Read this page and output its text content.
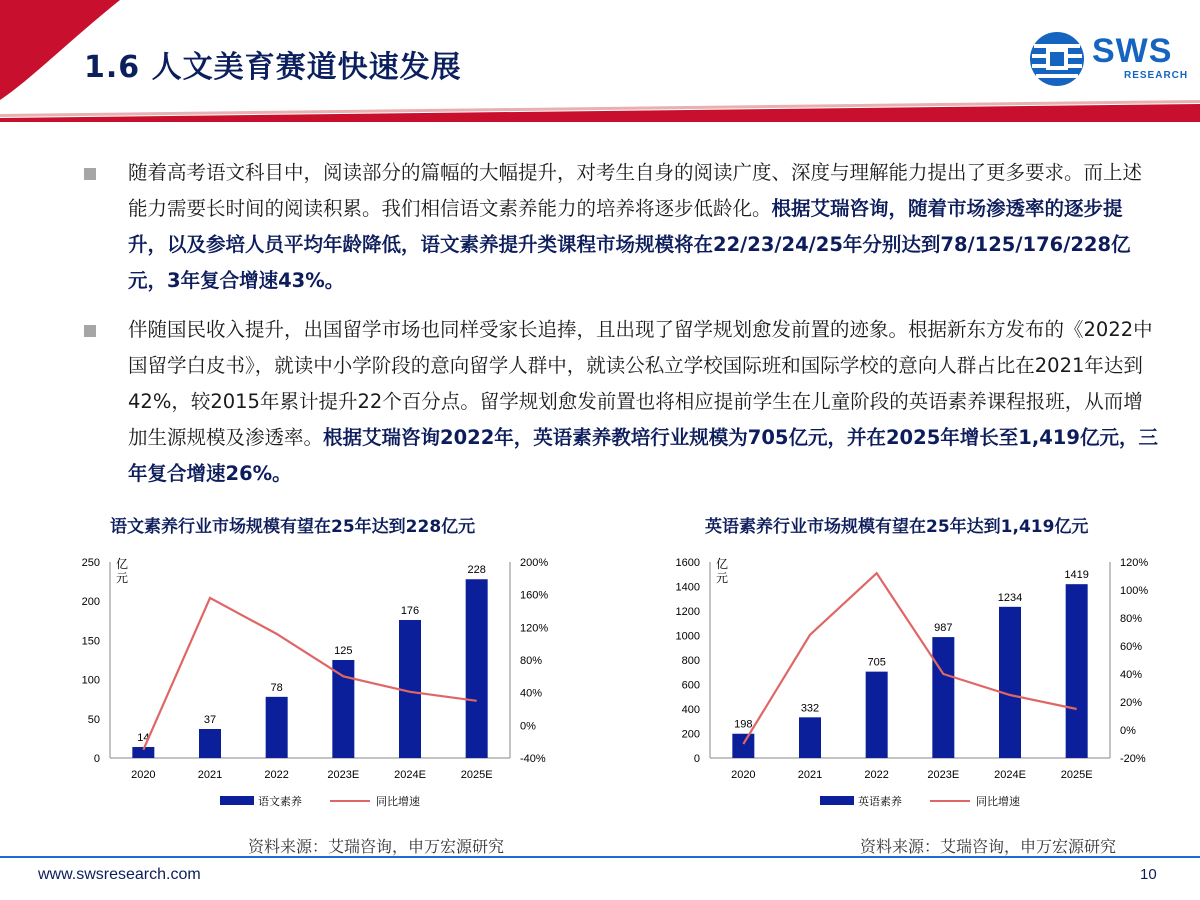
1.6 人文美育赛道快速发展	SWS
RESEARCH
随着高考语文科目中，阅读部分的篇幅的大幅提升，对考生自身的阅读广度、深度与理解能力提出了更多要求。而上述能力需要长时间的阅读积累。我们相信语文素养能力的培养将逐步低龄化。根据艾瑞咨询，随着市场渗透率的逐步提升，以及参培人员平均年龄降低，语文素养提升类课程市场规模将在22/23/24/25年分别达到78/125/176/228亿元，3年复合增速43%。
伴随国民收入提升，出国留学市场也同样受家长追捧，且出现了留学规划愈发前置的迹象。根据新东方发布的《2022中国留学白皮书》，就读中小学阶段的意向留学人群中，就读公私立学校国际班和国际学校的意向人群占比在2021年达到42%，较2015年累计提升22个百分点。留学规划愈发前置也将相应提前学生在儿童阶段的英语素养课程报班，从而增加生源规模及渗透率。根据艾瑞咨询2022年，英语素养教培行业规模为705亿元，并在2025年增长至1,419亿元，三年复合增速26%。
语文素养行业市场规模有望在25年达到228亿元
0
50
100
150
200
250
-40%
0%
40%
80%
120%
160%
200%
亿元
2020
14
2021
37
2022
78
2023E
125
2024E
176
2025E
228
语文素养	同比增速
资料来源：艾瑞咨询，申万宏源研究
英语素养行业市场规模有望在25年达到1,419亿元
0
200
400
600
800
1000
1200
1400
1600
-20%
0%
20%
40%
60%
80%
100%
120%
亿元
2020
198
2021
332
2022
705
2023E
987
2024E
1234
2025E
1419
英语素养	同比增速
资料来源：艾瑞咨询，申万宏源研究
www.swsresearch.com	10
